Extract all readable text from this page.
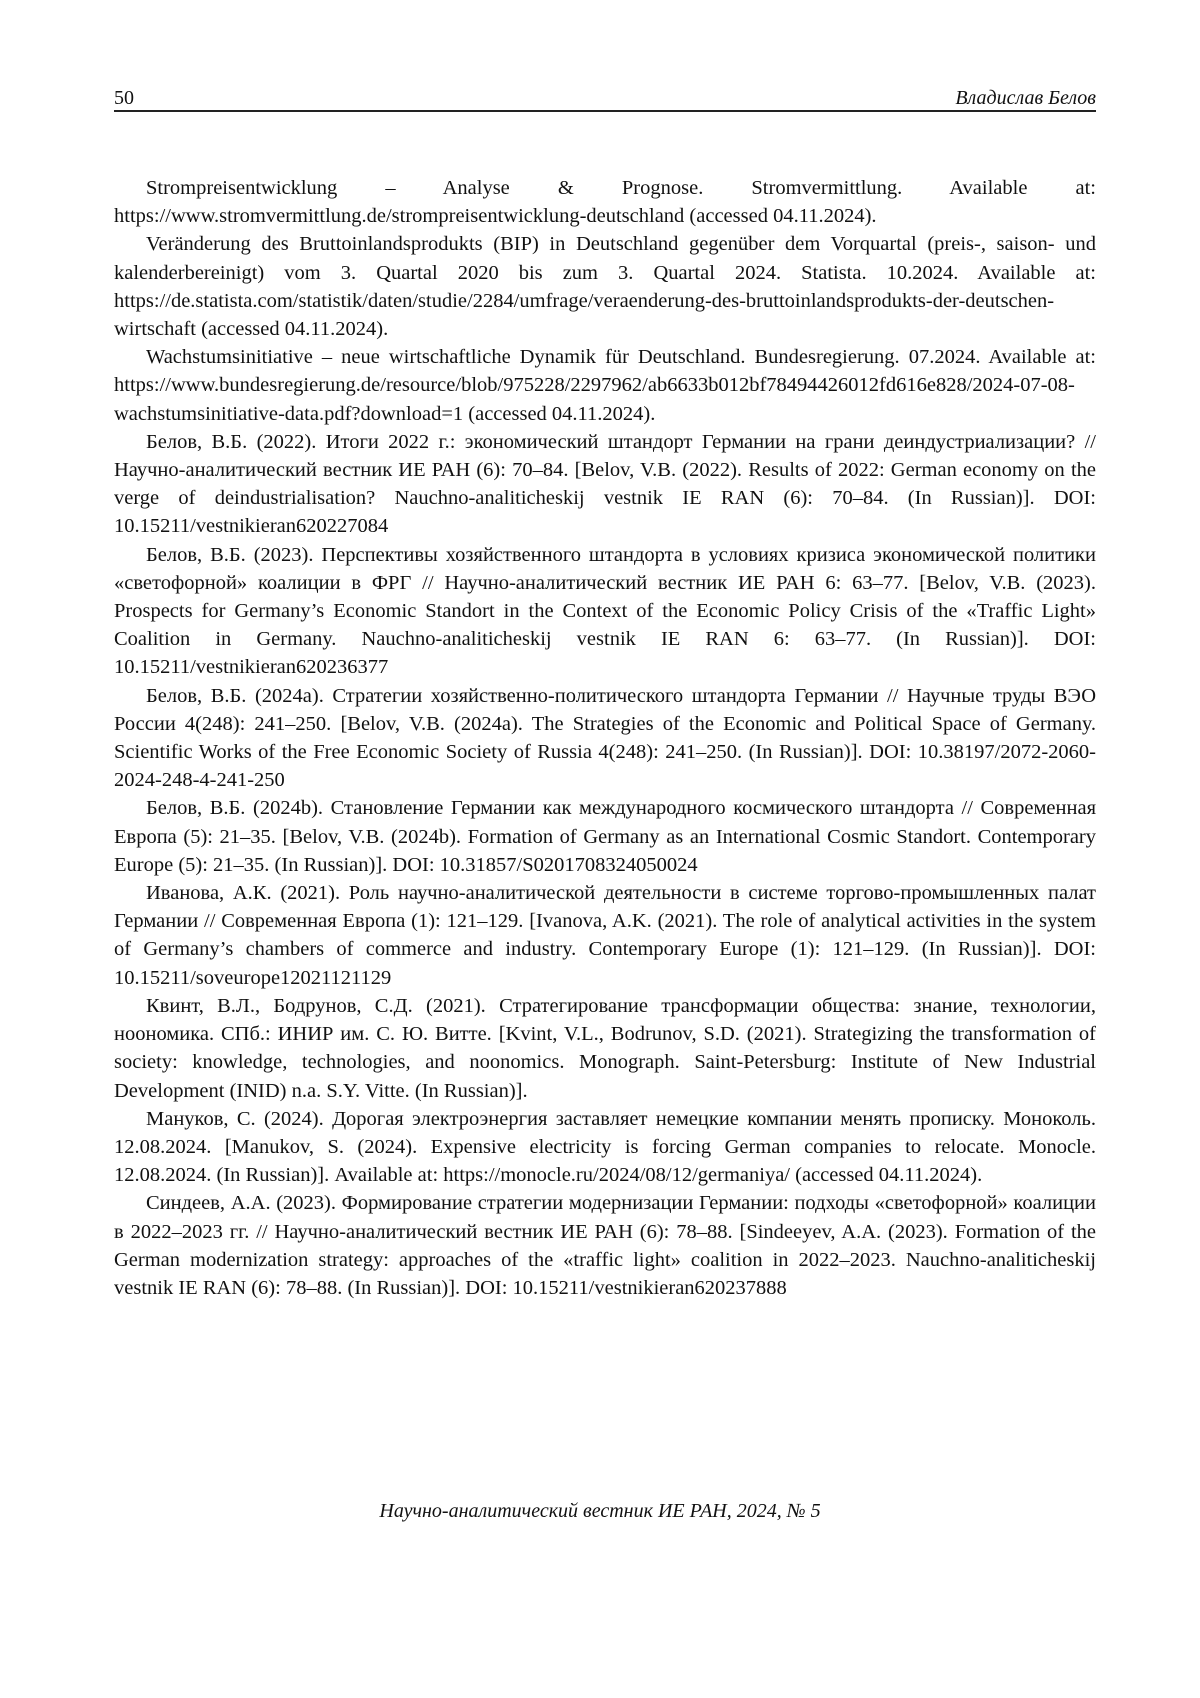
50	Владислав Белов

Strompreisentwicklung – Analyse & Prognose. Stromvermittlung. Available at: https://www.stromvermittlung.de/strompreisentwicklung-deutschland (accessed 04.11.2024).

Veränderung des Bruttoinlandsprodukts (BIP) in Deutschland gegenüber dem Vorquartal (preis-, saison- und kalenderbereinigt) vom 3. Quartal 2020 bis zum 3. Quartal 2024. Statista. 10.2024. Available at: https://de.statista.com/statistik/daten/studie/2284/umfrage/veraenderung-des-bruttoinlandsprodukts-der-deutschen-wirtschaft (accessed 04.11.2024).

Wachstumsinitiative – neue wirtschaftliche Dynamik für Deutschland. Bundesregierung. 07.2024. Available at: https://www.bundesregierung.de/resource/blob/975228/2297962/ab6633b012bf78494426012fd616e828/2024-07-08-wachstumsinitiative-data.pdf?download=1 (accessed 04.11.2024).

Белов, В.Б. (2022). Итоги 2022 г.: экономический штандорт Германии на грани деиндустриализации? // Научно-аналитический вестник ИЕ РАН (6): 70–84. [Belov, V.B. (2022). Results of 2022: German economy on the verge of deindustrialisation? Nauchno-analiticheskij vestnik IE RAN (6): 70–84. (In Russian)]. DOI: 10.15211/vestnikieran620227084

Белов, В.Б. (2023). Перспективы хозяйственного штандорта в условиях кризиса экономической политики «светофорной» коалиции в ФРГ // Научно-аналитический вестник ИЕ РАН 6: 63–77. [Belov, V.B. (2023). Prospects for Germany’s Economic Standort in the Context of the Economic Policy Crisis of the «Traffic Light» Coalition in Germany. Nauchno-analiticheskij vestnik IE RAN 6: 63–77. (In Russian)]. DOI: 10.15211/vestnikieran620236377

Белов, В.Б. (2024a). Стратегии хозяйственно-политического штандорта Германии // Научные труды ВЭО России 4(248): 241–250. [Belov, V.B. (2024a). The Strategies of the Economic and Political Space of Germany. Scientific Works of the Free Economic Society of Russia 4(248): 241–250. (In Russian)]. DOI: 10.38197/2072-2060-2024-248-4-241-250

Белов, В.Б. (2024b). Становление Германии как международного космического штандорта // Современная Европа (5): 21–35. [Belov, V.B. (2024b). Formation of Germany as an International Cosmic Standort. Contemporary Europe (5): 21–35. (In Russian)]. DOI: 10.31857/S0201708324050024

Иванова, А.К. (2021). Роль научно-аналитической деятельности в системе торгово-промышленных палат Германии // Современная Европа (1): 121–129. [Ivanova, A.K. (2021). The role of analytical activities in the system of Germany’s chambers of commerce and industry. Contemporary Europe (1): 121–129. (In Russian)]. DOI: 10.15211/soveurope12021121129

Квинт, В.Л., Бодрунов, С.Д. (2021). Стратегирование трансформации общества: знание, технологии, ноономика. СПб.: ИНИР им. С. Ю. Витте. [Kvint, V.L., Bodrunov, S.D. (2021). Strategizing the transformation of society: knowledge, technologies, and noonomics. Monograph. Saint-Petersburg: Institute of New Industrial Development (INID) n.a. S.Y. Vitte. (In Russian)].

Мануков, С. (2024). Дорогая электроэнергия заставляет немецкие компании менять прописку. Моноколь. 12.08.2024. [Manukov, S. (2024). Expensive electricity is forcing German companies to relocate. Monocle. 12.08.2024. (In Russian)]. Available at: https://monocle.ru/2024/08/12/germaniya/ (accessed 04.11.2024).

Синдеев, А.А. (2023). Формирование стратегии модернизации Германии: подходы «светофорной» коалиции в 2022–2023 гг. // Научно-аналитический вестник ИЕ РАН (6): 78–88. [Sindeeyev, A.A. (2023). Formation of the German modernization strategy: approaches of the «traffic light» coalition in 2022–2023. Nauchno-analiticheskij vestnik IE RAN (6): 78–88. (In Russian)]. DOI: 10.15211/vestnikieran620237888

Научно-аналитический вестник ИЕ РАН, 2024, № 5
